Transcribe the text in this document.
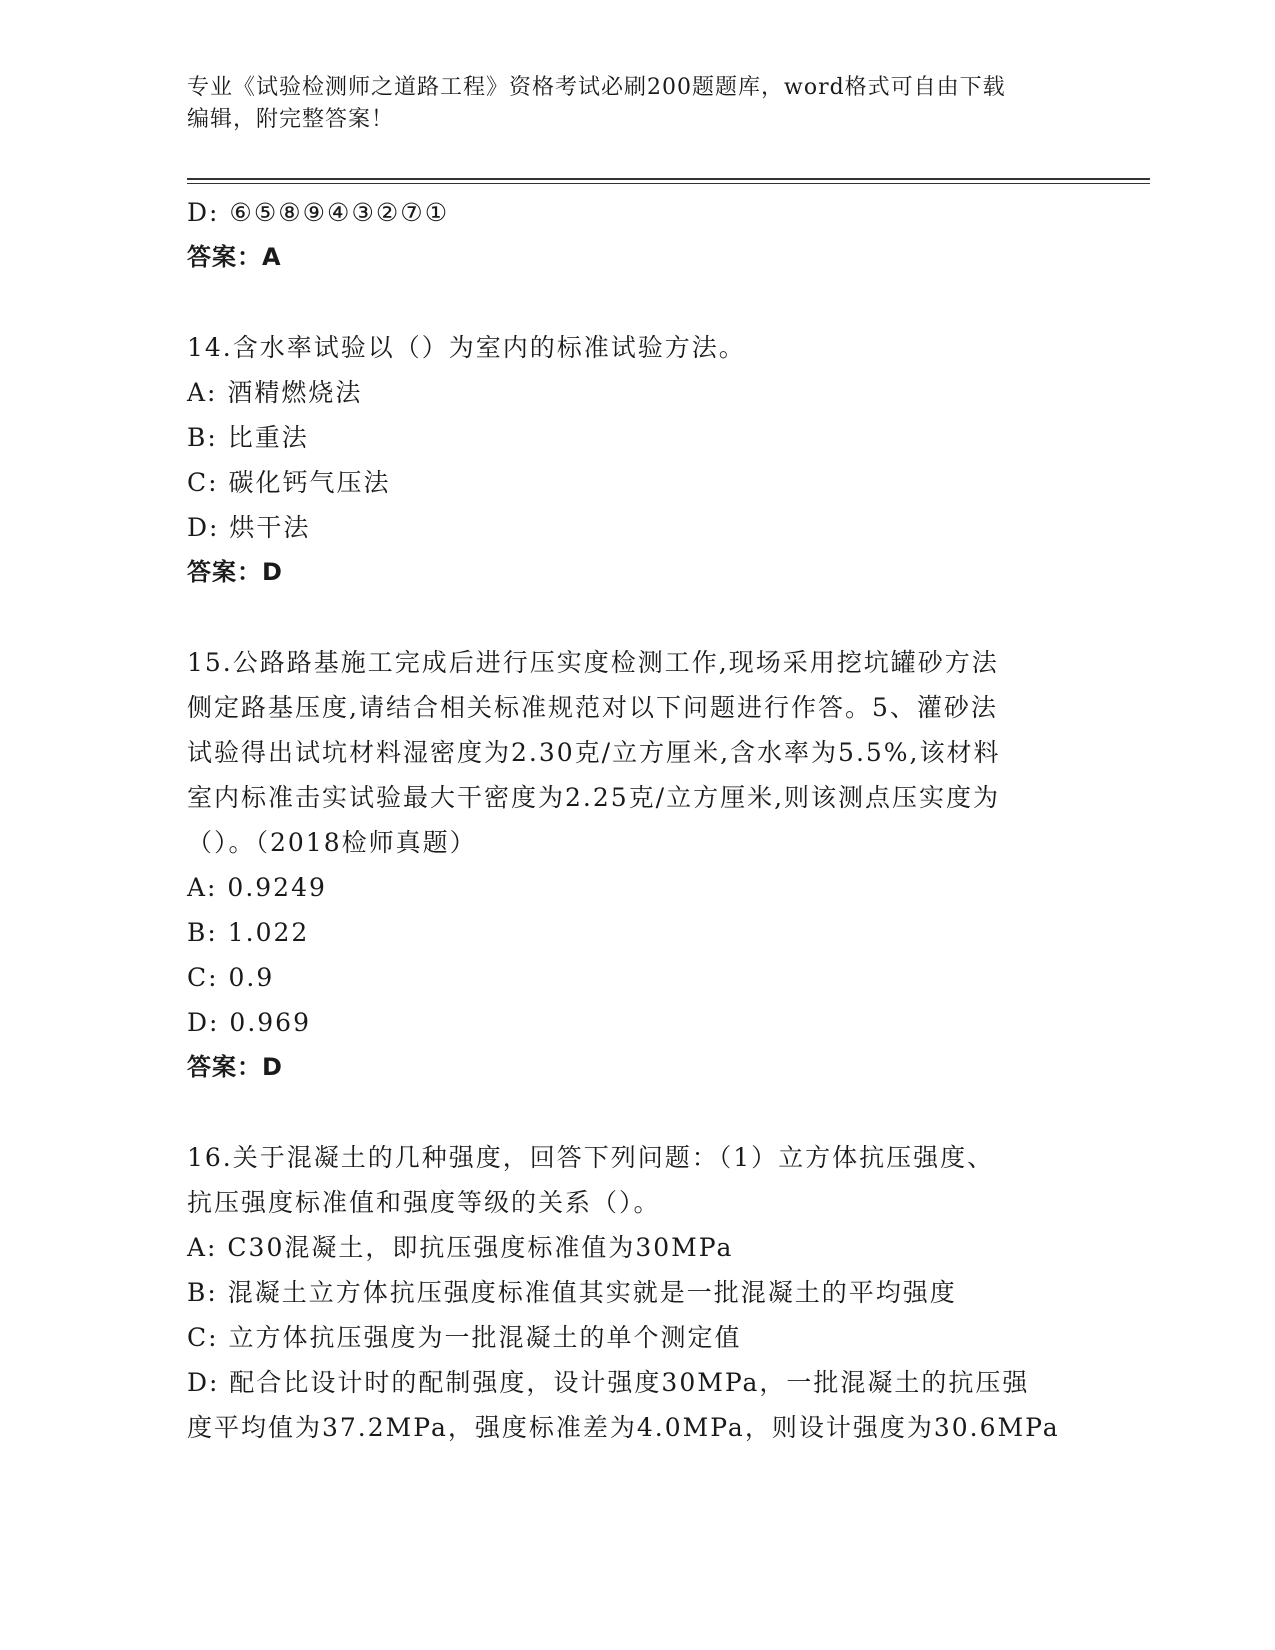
专业《试验检测师之道路工程》资格考试必刷200题题库，word格式可自由下载
编辑，附完整答案！
D: ⑥⑤⑧⑨④③②⑦①
答案：A
14.含水率试验以（）为室内的标准试验方法。
A: 酒精燃烧法
B: 比重法
C: 碳化钙气压法
D: 烘干法
答案：D
15.公路路基施工完成后进行压实度检测工作,现场采用挖坑罐砂方法
侧定路基压度,请结合相关标准规范对以下问题进行作答。5、灌砂法
试验得出试坑材料湿密度为2.30克/立方厘米,含水率为5.5%,该材料
室内标准击实试验最大干密度为2.25克/立方厘米,则该测点压实度为
（）。（2018检师真题）
A: 0.9249
B: 1.022
C: 0.9
D: 0.969
答案：D
16.关于混凝土的几种强度，回答下列问题：（1）立方体抗压强度、
抗压强度标准值和强度等级的关系（）。
A: C30混凝土，即抗压强度标准值为30MPa
B: 混凝土立方体抗压强度标准值其实就是一批混凝土的平均强度
C: 立方体抗压强度为一批混凝土的单个测定值
D: 配合比设计时的配制强度，设计强度30MPa，一批混凝土的抗压强
度平均值为37.2MPa，强度标准差为4.0MPa，则设计强度为30.6MPa
